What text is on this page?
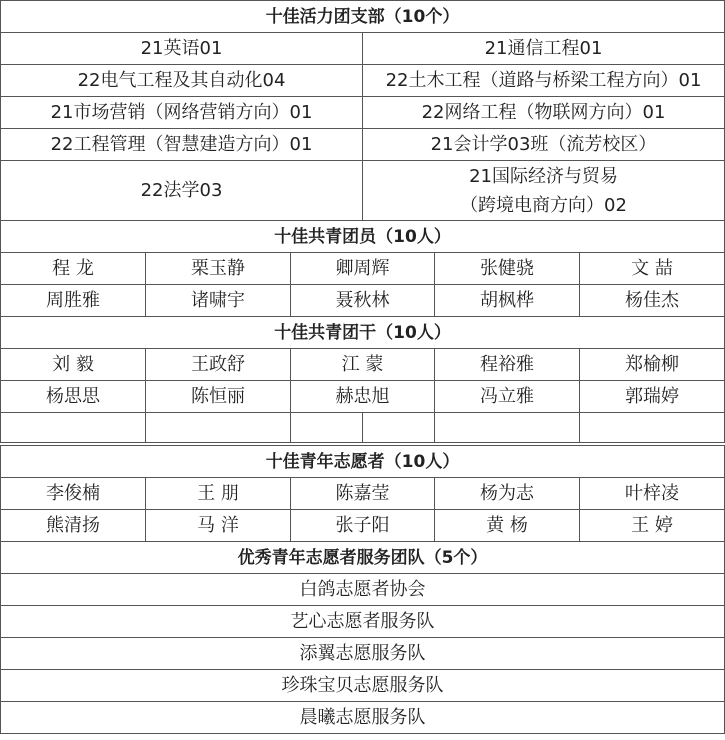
十佳活力团支部（10个）					
21英语01			21通信工程01		
22电气工程及其自动化04			22土木工程（道路与桥梁工程方向）01		
21市场营销（网络营销方向）01			22网络工程（物联网方向）01		
22工程管理（智慧建造方向）01			21会计学03班（流芳校区）		
22法学03			21国际经济与贸易
（跨境电商方向）02		

十佳共青团员（10人）					
程 龙	栗玉静	卿周辉		张健骁	文 喆
周胜雅	诸啸宇	聂秋林		胡枫桦	杨佳杰
十佳共青团干（10人）					
刘 毅	王政舒	江 蒙		程裕雅	郑榆柳
杨思思	陈恒丽	赫忠旭		冯立雅	郭瑞婷

十佳青年志愿者（10人）					
李俊楠	王 朋	陈嘉莹		杨为志	叶梓凌
熊清扬	马 洋	张子阳		黄 杨	王 婷
优秀青年志愿者服务团队（5个）					
白鸽志愿者协会					
艺心志愿者服务队					
添翼志愿服务队					
珍珠宝贝志愿服务队					
晨曦志愿服务队					
